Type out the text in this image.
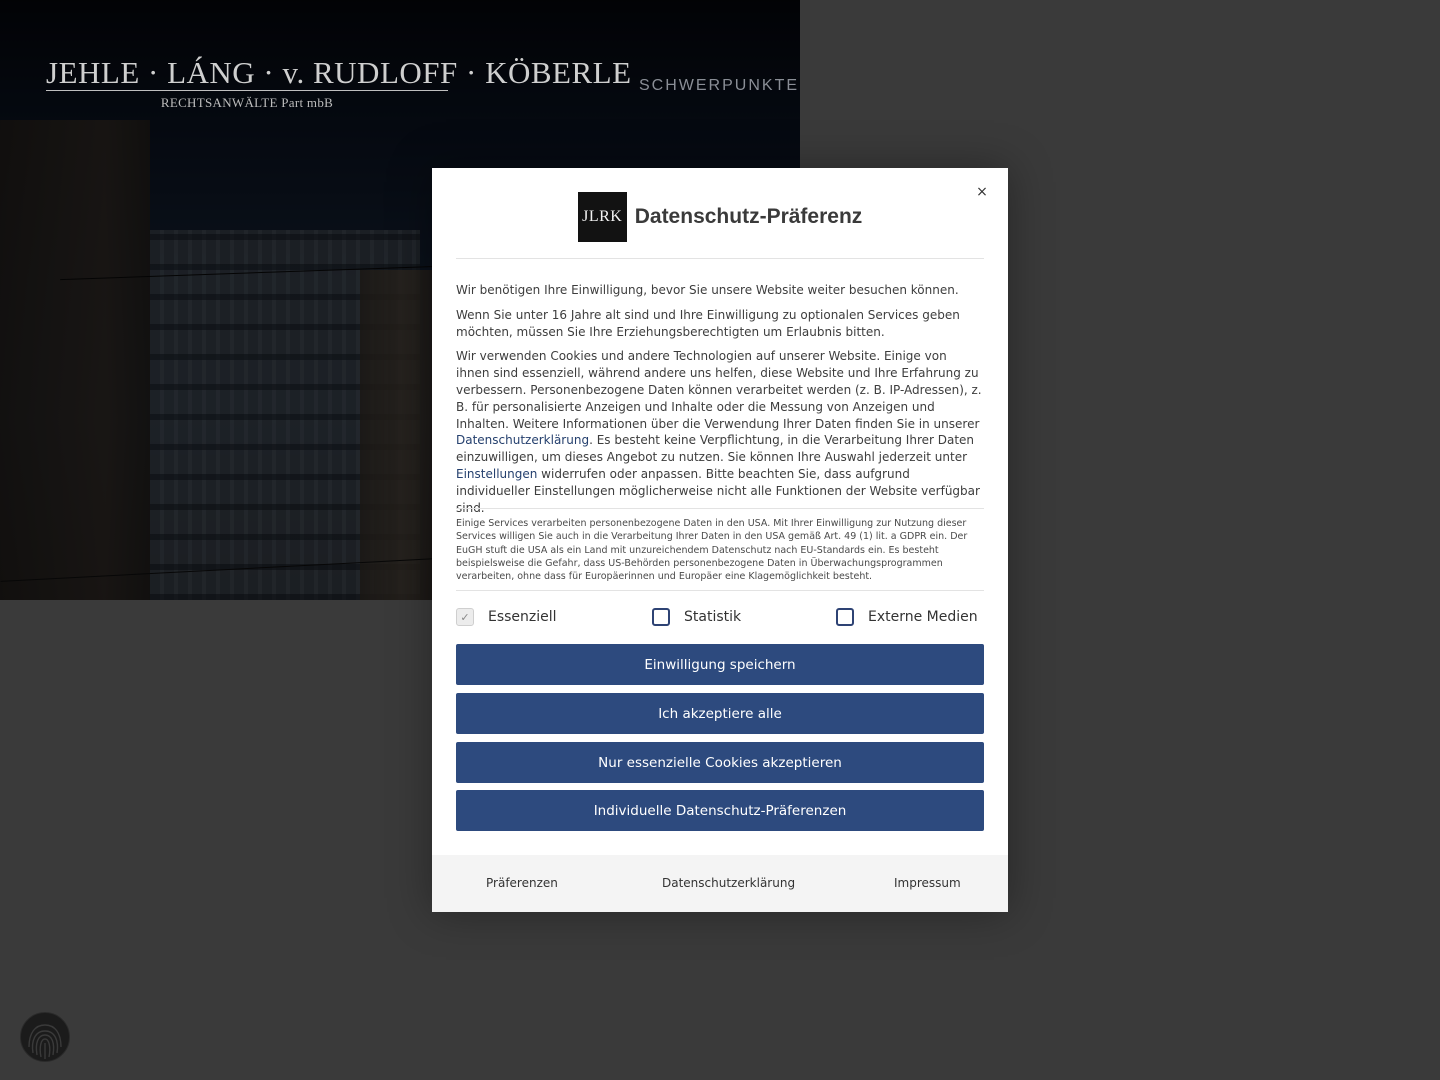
JEHLE · LÁNG · v. RUDLOFF · KÖBERLE
RECHTSANWÄLTE Part mbB
SCHWERPUNKTE
×
JLRK Datenschutz-Präferenz

Wir benötigen Ihre Einwilligung, bevor Sie unsere Website weiter besuchen können.

Wenn Sie unter 16 Jahre alt sind und Ihre Einwilligung zu optionalen Services geben möchten, müssen Sie Ihre Erziehungsberechtigten um Erlaubnis bitten.

Wir verwenden Cookies und andere Technologien auf unserer Website. Einige von ihnen sind essenziell, während andere uns helfen, diese Website und Ihre Erfahrung zu verbessern. Personenbezogene Daten können verarbeitet werden (z. B. IP-Adressen), z. B. für personalisierte Anzeigen und Inhalte oder die Messung von Anzeigen und Inhalten. Weitere Informationen über die Verwendung Ihrer Daten finden Sie in unserer Datenschutzerklärung. Es besteht keine Verpflichtung, in die Verarbeitung Ihrer Daten einzuwilligen, um dieses Angebot zu nutzen. Sie können Ihre Auswahl jederzeit unter Einstellungen widerrufen oder anpassen. Bitte beachten Sie, dass aufgrund individueller Einstellungen möglicherweise nicht alle Funktionen der Website verfügbar sind.

Einige Services verarbeiten personenbezogene Daten in den USA. Mit Ihrer Einwilligung zur Nutzung dieser Services willigen Sie auch in die Verarbeitung Ihrer Daten in den USA gemäß Art. 49 (1) lit. a GDPR ein. Der EuGH stuft die USA als ein Land mit unzureichendem Datenschutz nach EU-Standards ein. Es besteht beispielsweise die Gefahr, dass US-Behörden personenbezogene Daten in Überwachungsprogrammen verarbeiten, ohne dass für Europäerinnen und Europäer eine Klagemöglichkeit besteht.
✓	Essenziell	Statistik	Externe Medien
Einwilligung speichern
Ich akzeptiere alle
Nur essenzielle Cookies akzeptieren
Individuelle Datenschutz-Präferenzen
Präferenzen	Datenschutzerklärung	Impressum
